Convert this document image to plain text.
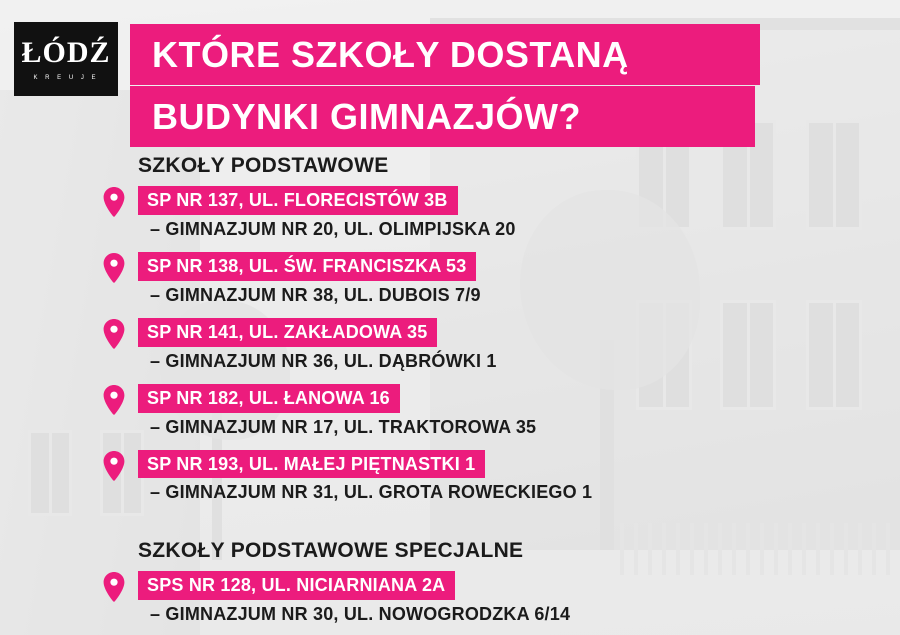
ŁÓDŹ
K R E U J E
KTÓRE SZKOŁY DOSTANĄ BUDYNKI GIMNAZJÓW?
SZKOŁY PODSTAWOWE
SP NR 137, UL. FLORECISTÓW 3B
– GIMNAZJUM NR 20, UL. OLIMPIJSKA 20
SP NR 138, UL. ŚW. FRANCISZKA 53
– GIMNAZJUM NR 38, UL. DUBOIS 7/9
SP NR 141, UL. ZAKŁADOWA 35
– GIMNAZJUM NR 36, UL. DĄBRÓWKI 1
SP NR 182, UL. ŁANOWA 16
– GIMNAZJUM NR 17, UL. TRAKTOROWA 35
SP NR 193, UL. MAŁEJ PIĘTNASTKI 1
– GIMNAZJUM NR 31, UL. GROTA ROWECKIEGO 1
SZKOŁY PODSTAWOWE SPECJALNE
SPS NR 128, UL. NICIARNIANA 2A
– GIMNAZJUM NR 30, UL. NOWOGRODZKA 6/14
